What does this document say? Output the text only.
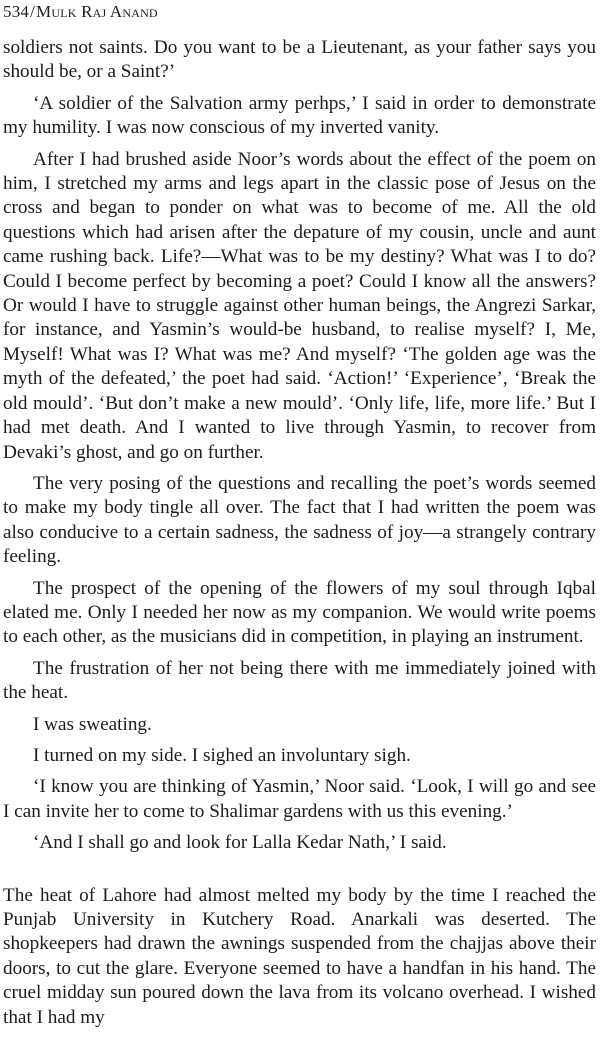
534/Mulk Raj Anand

soldiers not saints. Do you want to be a Lieutenant, as your father says you should be, or a Saint?’

‘A soldier of the Salvation army perhps,’ I said in order to demonstrate my humility. I was now conscious of my inverted vanity.

After I had brushed aside Noor’s words about the effect of the poem on him, I stretched my arms and legs apart in the classic pose of Jesus on the cross and began to ponder on what was to become of me. All the old questions which had arisen after the depature of my cousin, uncle and aunt came rushing back. Life?—What was to be my destiny? What was I to do? Could I become perfect by becoming a poet? Could I know all the answers? Or would I have to struggle against other human beings, the Angrezi Sarkar, for instance, and Yasmin’s would-be husband, to realise myself? I, Me, Myself! What was I? What was me? And myself? ‘The golden age was the myth of the defeated,’ the poet had said. ‘Action!’ ‘Experience’, ‘Break the old mould’. ‘But don’t make a new mould’. ‘Only life, life, more life.’ But I had met death. And I wanted to live through Yasmin, to recover from Devaki’s ghost, and go on further.

The very posing of the questions and recalling the poet’s words seemed to make my body tingle all over. The fact that I had written the poem was also conducive to a certain sadness, the sadness of joy—a strangely contrary feeling.

The prospect of the opening of the flowers of my soul through Iqbal elated me. Only I needed her now as my companion. We would write poems to each other, as the musicians did in competition, in playing an instrument.

The frustration of her not being there with me immediately joined with the heat.

I was sweating.

I turned on my side. I sighed an involuntary sigh.

‘I know you are thinking of Yasmin,’ Noor said. ‘Look, I will go and see I can invite her to come to Shalimar gardens with us this evening.’

‘And I shall go and look for Lalla Kedar Nath,’ I said.

The heat of Lahore had almost melted my body by the time I reached the Punjab University in Kutchery Road. Anarkali was deserted. The shopkeepers had drawn the awnings suspended from the chajjas above their doors, to cut the glare. Everyone seemed to have a handfan in his hand. The cruel midday sun poured down the lava from its volcano overhead. I wished that I had my
